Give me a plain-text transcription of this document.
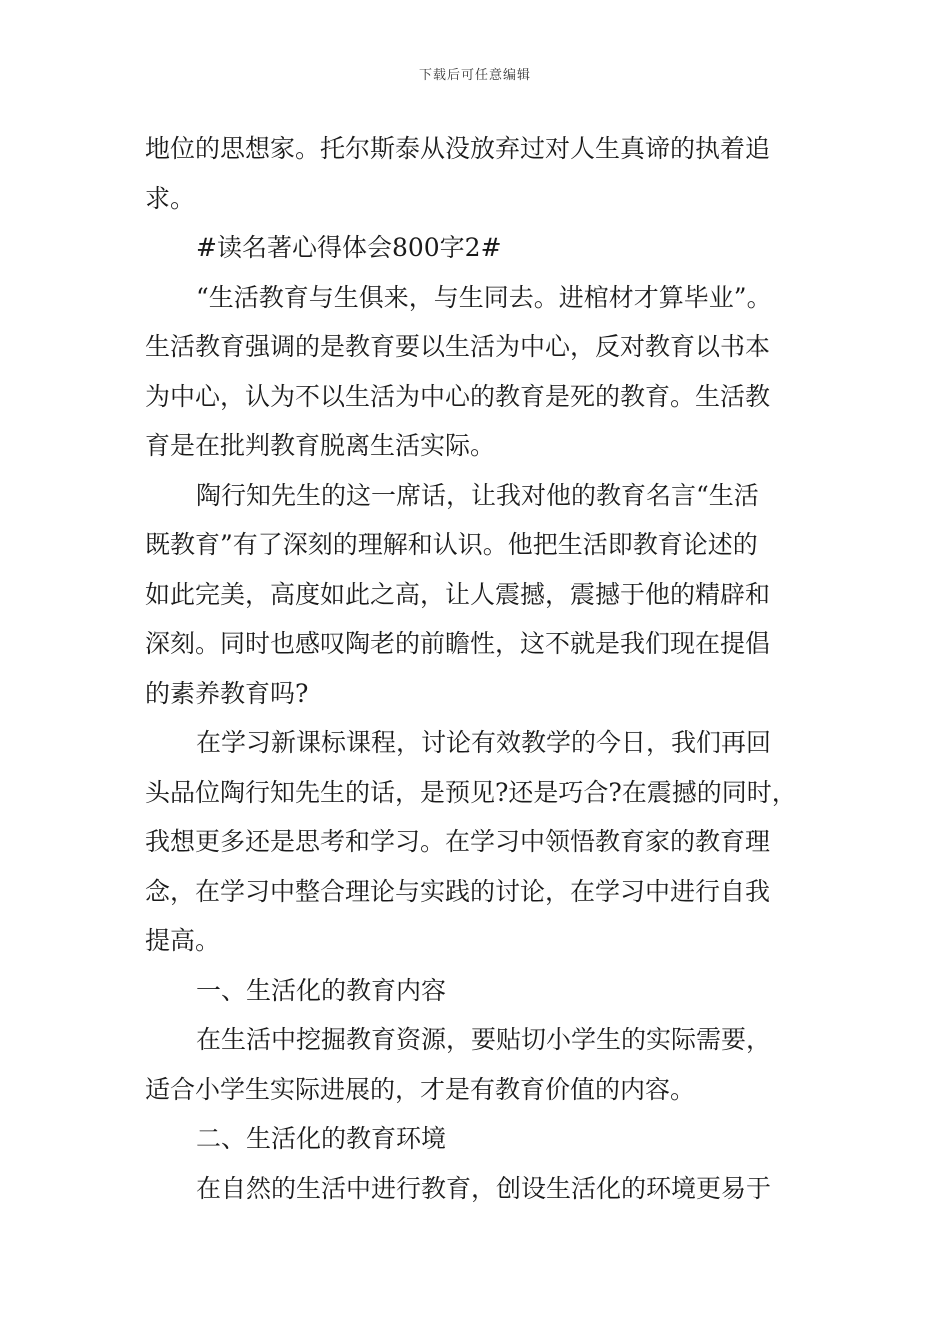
下载后可任意编辑
地位的思想家。托尔斯泰从没放弃过对人生真谛的执着追
求。
#读名著心得体会800字2#
“生活教育与生俱来，与生同去。进棺材才算毕业”。
生活教育强调的是教育要以生活为中心，反对教育以书本
为中心，认为不以生活为中心的教育是死的教育。生活教
育是在批判教育脱离生活实际。
陶行知先生的这一席话，让我对他的教育名言“生活
既教育”有了深刻的理解和认识。他把生活即教育论述的
如此完美，高度如此之高，让人震撼，震撼于他的精辟和
深刻。同时也感叹陶老的前瞻性，这不就是我们现在提倡
的素养教育吗?
在学习新课标课程，讨论有效教学的今日，我们再回
头品位陶行知先生的话，是预见?还是巧合?在震撼的同时，
我想更多还是思考和学习。在学习中领悟教育家的教育理
念，在学习中整合理论与实践的讨论，在学习中进行自我
提高。
一、生活化的教育内容
在生活中挖掘教育资源，要贴切小学生的实际需要，
适合小学生实际进展的，才是有教育价值的内容。
二、生活化的教育环境
在自然的生活中进行教育，创设生活化的环境更易于
